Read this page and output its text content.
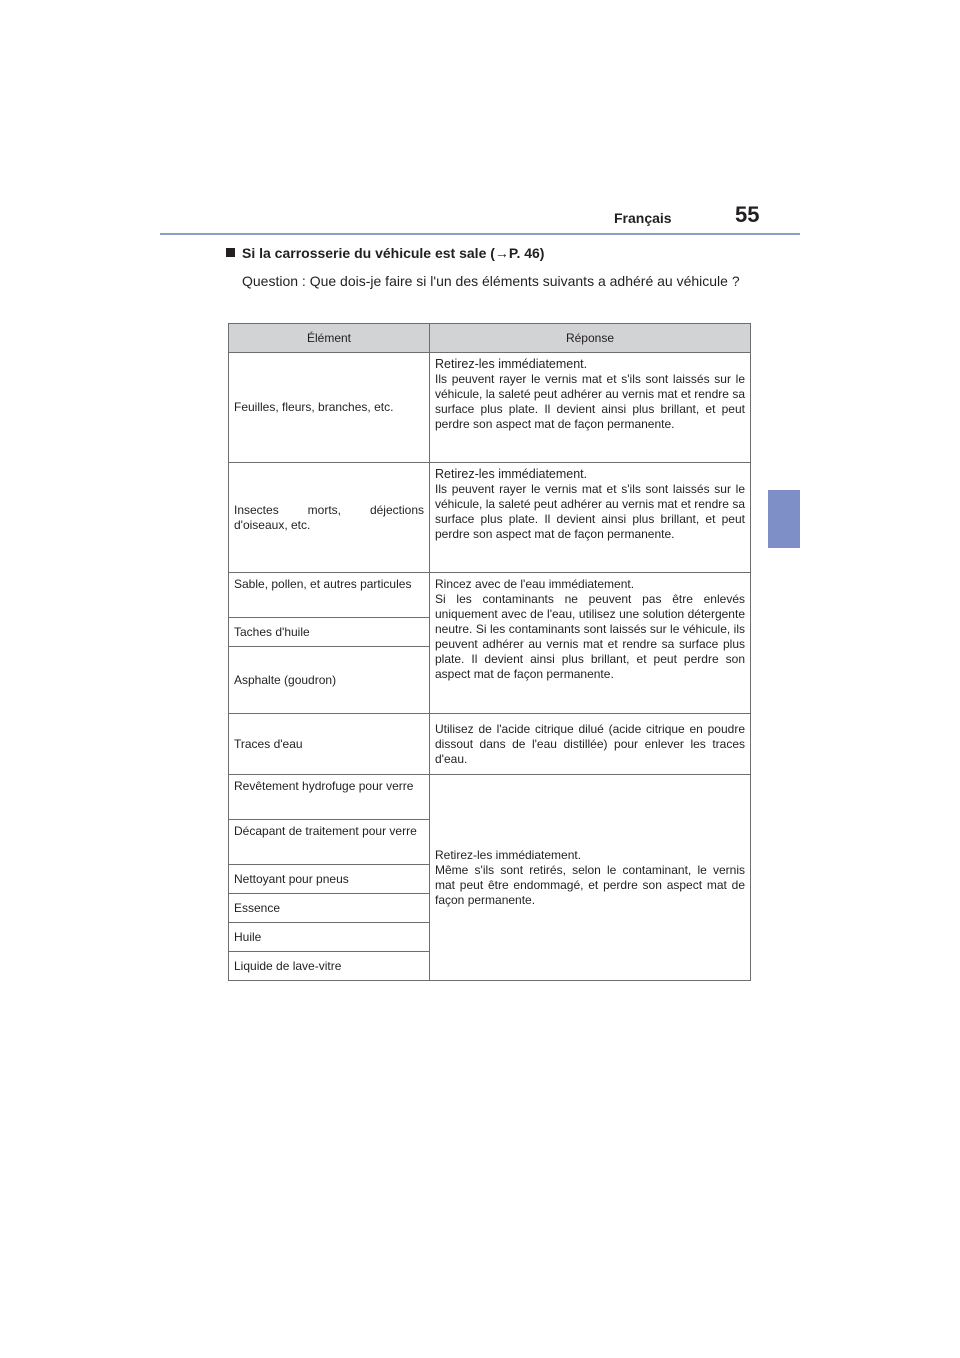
Français	55
Si la carrosserie du véhicule est sale (→P. 46)
Question : Que dois-je faire si l'un des éléments suivants a adhéré au véhicule ?
Élément	Réponse
Feuilles, fleurs, branches, etc.	Retirez-les immédiatement.
Ils peuvent rayer le vernis mat et s'ils sont laissés sur le véhicule, la saleté peut adhérer au vernis mat et rendre sa surface plus plate. Il devient ainsi plus brillant, et peut perdre son aspect mat de façon permanente.
Insectes morts, déjections d'oiseaux, etc.	Retirez-les immédiatement.
Ils peuvent rayer le vernis mat et s'ils sont laissés sur le véhicule, la saleté peut adhérer au vernis mat et rendre sa surface plus plate. Il devient ainsi plus brillant, et peut perdre son aspect mat de façon permanente.
Sable, pollen, et autres particules	Rincez avec de l'eau immédiatement.
Si les contaminants ne peuvent pas être enlevés uniquement avec de l'eau, utilisez une solution détergente neutre. Si les contaminants sont laissés sur le véhicule, ils peuvent adhérer au vernis mat et rendre sa surface plus plate. Il devient ainsi plus brillant, et peut perdre son aspect mat de façon permanente.
Taches d'huile	
Asphalte (goudron)	
Traces d'eau	Utilisez de l'acide citrique dilué (acide citrique en poudre dissout dans de l'eau distillée) pour enlever les traces d'eau.
Revêtement hydrofuge pour verre	Retirez-les immédiatement.
Même s'ils sont retirés, selon le contaminant, le vernis mat peut être endommagé, et perdre son aspect mat de façon permanente.
Décapant de traitement pour verre	
Nettoyant pour pneus	
Essence	
Huile	
Liquide de lave-vitre	
